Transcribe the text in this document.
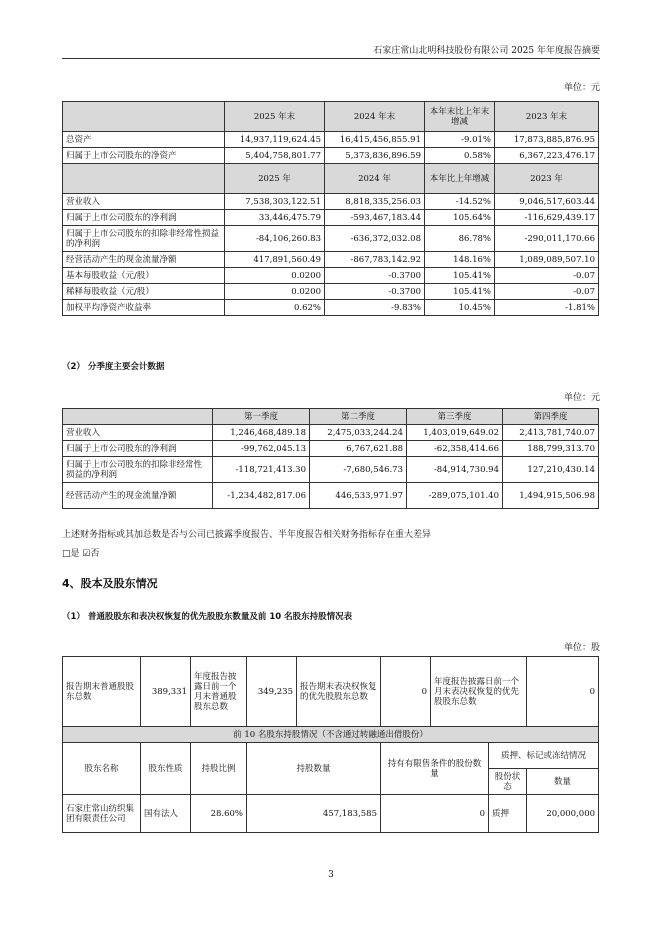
石家庄常山北明科技股份有限公司 2025 年年度报告摘要
单位：元
	2025 年末	2024 年末	本年末比上年末增减	2023 年末
总资产	14,937,119,624.45	16,415,456,855.91	-9.01%	17,873,885,876.95
归属于上市公司股东的净资产	5,404,758,801.77	5,373,836,896.59	0.58%	6,367,223,476.17
	2025 年	2024 年	本年比上年增减	2023 年
营业收入	7,538,303,122.51	8,818,335,256.03	-14.52%	9,046,517,603.44
归属于上市公司股东的净利润	33,446,475.79	-593,467,183.44	105.64%	-116,629,439.17
归属于上市公司股东的扣除非经常性损益的净利润	-84,106,260.83	-636,372,032.08	86.78%	-290,011,170.66
经营活动产生的现金流量净额	417,891,560.49	-867,783,142.92	148.16%	1,089,089,507.10
基本每股收益（元/股）	0.0200	-0.3700	105.41%	-0.07
稀释每股收益（元/股）	0.0200	-0.3700	105.41%	-0.07
加权平均净资产收益率	0.62%	-9.83%	10.45%	-1.81%
（2） 分季度主要会计数据
单位：元
	第一季度	第二季度	第三季度	第四季度
营业收入	1,246,468,489.18	2,475,033,244.24	1,403,019,649.02	2,413,781,740.07
归属于上市公司股东的净利润	-99,762,045.13	6,767,621.88	-62,358,414.66	188,799,313.70
归属于上市公司股东的扣除非经常性损益的净利润	-118,721,413.30	-7,680,546.73	-84,914,730.94	127,210,430.14
经营活动产生的现金流量净额	-1,234,482,817.06	446,533,971.97	-289,075,101.40	1,494,915,506.98
上述财务指标或其加总数是否与公司已披露季度报告、半年度报告相关财务指标存在重大差异
□是 ☑否
4、股本及股东情况
（1） 普通股股东和表决权恢复的优先股股东数量及前 10 名股东持股情况表
单位：股
报告期末普通股股东总数	389,331	年度报告披露日前一个月末普通股股东总数	349,235	报告期末表决权恢复的优先股股东总数	0	年度报告披露日前一个月末表决权恢复的优先股股东总数		0
前 10 名股东持股情况（不含通过转融通出借股份）								
股东名称	股东性质	持股比例	持股数量		持有有限售条件的股份数量		质押、标记或冻结情况	
							股份状态	数量
石家庄常山纺织集团有限责任公司	国有法人	28.60%	457,183,585		0		质押	20,000,000
3
